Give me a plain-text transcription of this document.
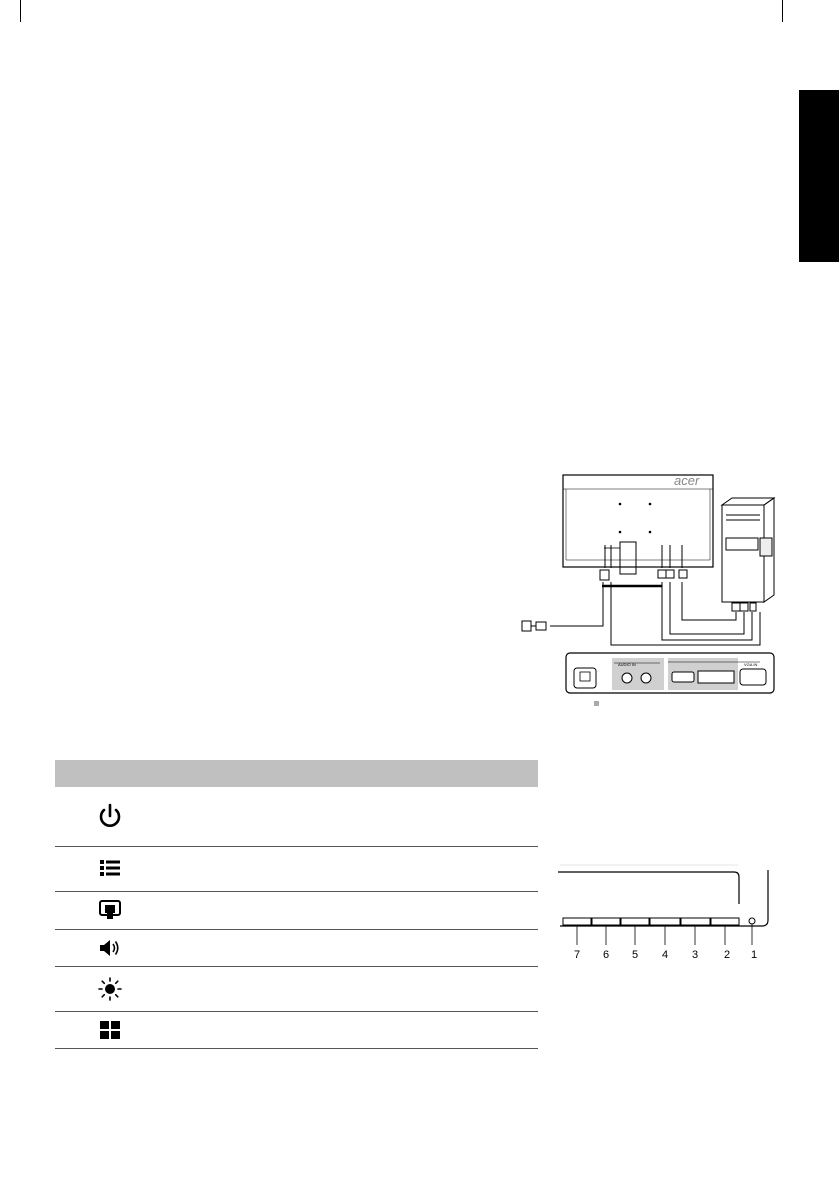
acer
AUDIO IN	VGA IN

7 6 5 4 3 2 1
